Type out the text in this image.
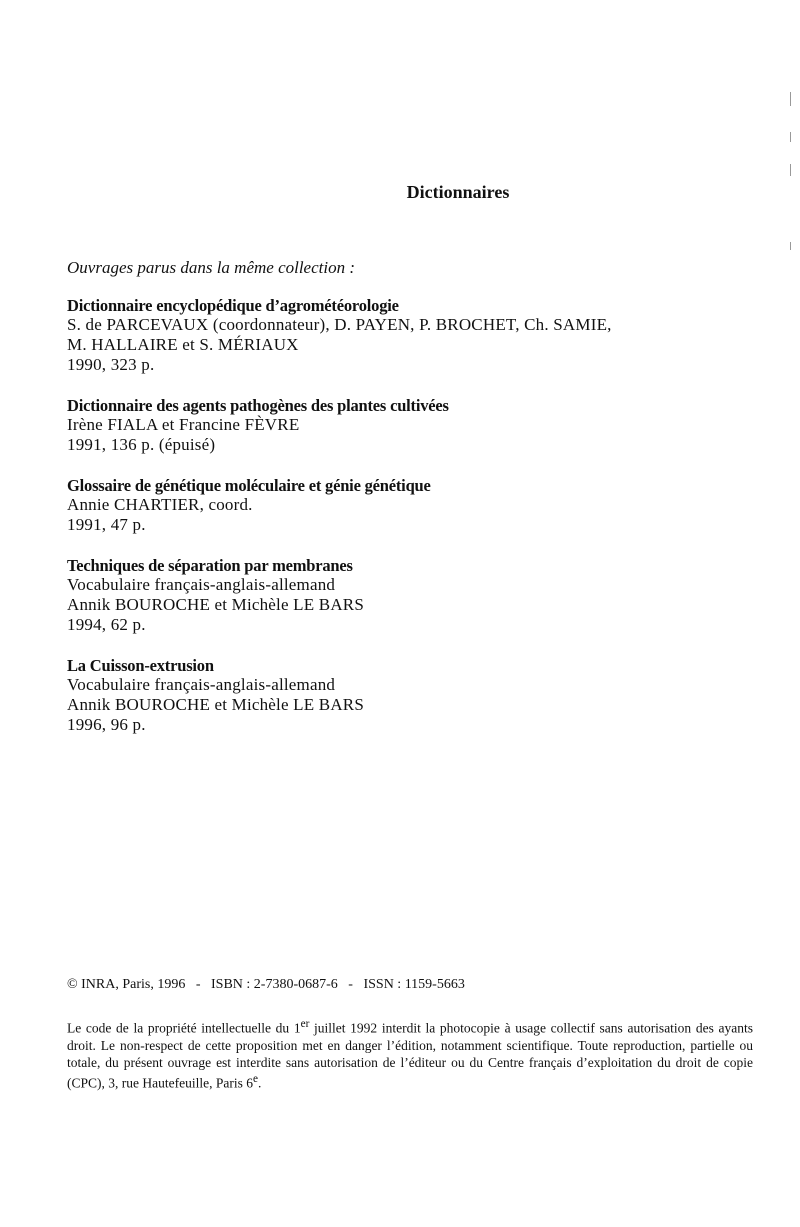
Dictionnaires
Ouvrages parus dans la même collection :
Dictionnaire encyclopédique d’agrométéorologie
S. de PARCEVAUX (coordonnateur), D. PAYEN, P. BROCHET, Ch. SAMIE,
M. HALLAIRE et S. MÉRIAUX
1990, 323 p.
Dictionnaire des agents pathogènes des plantes cultivées
Irène FIALA et Francine FÈVRE
1991, 136 p. (épuisé)
Glossaire de génétique moléculaire et génie génétique
Annie CHARTIER, coord.
1991, 47 p.
Techniques de séparation par membranes
Vocabulaire français-anglais-allemand
Annik BOUROCHE et Michèle LE BARS
1994, 62 p.
La Cuisson-extrusion
Vocabulaire français-anglais-allemand
Annik BOUROCHE et Michèle LE BARS
1996, 96 p.
© INRA, Paris, 1996   -   ISBN : 2-7380-0687-6   -   ISSN : 1159-5663
Le code de la propriété intellectuelle du 1er juillet 1992 interdit la photocopie à usage collectif sans autorisation des ayants droit. Le non-respect de cette proposition met en danger l’édition, notamment scientifique. Toute reproduction, partielle ou totale, du présent ouvrage est interdite sans autorisation de l’éditeur ou du Centre français d’exploitation du droit de copie (CPC), 3, rue Hautefeuille, Paris 6e.
